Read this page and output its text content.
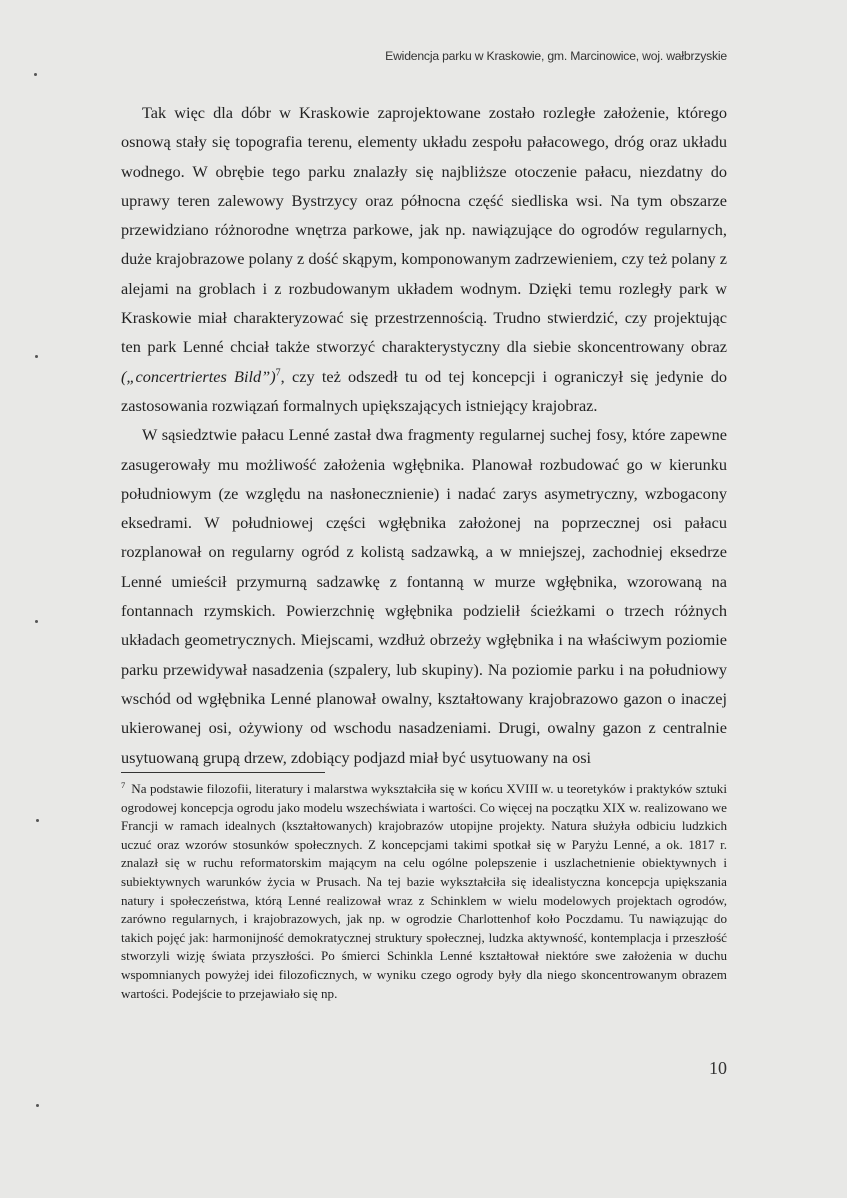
Ewidencja parku w Kraskowie, gm. Marcinowice, woj. wałbrzyskie

Tak więc dla dóbr w Kraskowie zaprojektowane zostało rozległe założenie, którego osnową stały się topografia terenu, elementy układu zespołu pałacowego, dróg oraz układu wodnego. W obrębie tego parku znalazły się najbliższe otoczenie pałacu, niezdatny do uprawy teren zalewowy Bystrzycy oraz północna część siedliska wsi. Na tym obszarze przewidziano różnorodne wnętrza parkowe, jak np. nawiązujące do ogrodów regularnych, duże krajobrazowe polany z dość skąpym, komponowanym zadrzewieniem, czy też polany z alejami na groblach i z rozbudowanym układem wodnym. Dzięki temu rozległy park w Kraskowie miał charakteryzować się przestrzennością. Trudno stwierdzić, czy projektując ten park Lenné chciał także stworzyć charakterystyczny dla siebie skoncentrowany obraz („concertriertes Bild”)$^7$, czy też odszedł tu od tej koncepcji i ograniczył się jedynie do zastosowania rozwiązań formalnych upiększających istniejący krajobraz.

W sąsiedztwie pałacu Lenné zastał dwa fragmenty regularnej suchej fosy, które zapewne zasugerowały mu możliwość założenia wgłębnika. Planował rozbudować go w kierunku południowym (ze względu na nasłonecznienie) i nadać zarys asymetryczny, wzbogacony eksedrami. W południowej części wgłębnika założonej na poprzecznej osi pałacu rozplanował on regularny ogród z kolistą sadzawką, a w mniejszej, zachodniej eksedrze Lenné umieścił przymurną sadzawkę z fontanną w murze wgłębnika, wzorowaną na fontannach rzymskich. Powierzchnię wgłębnika podzielił ścieżkami o trzech różnych układach geometrycznych. Miejscami, wzdłuż obrzeży wgłębnika i na właściwym poziomie parku przewidywał nasadzenia (szpalery, lub skupiny). Na poziomie parku i na południowy wschód od wgłębnika Lenné planował owalny, kształtowany krajobrazowo gazon o inaczej ukierowanej osi, ożywiony od wschodu nasadzeniami. Drugi, owalny gazon z centralnie usytuowaną grupą drzew, zdobiący podjazd miał być usytuowany na osi

$^7$ Na podstawie filozofii, literatury i malarstwa wykształciła się w końcu XVIII w. u teoretyków i praktyków sztuki ogrodowej koncepcja ogrodu jako modelu wszechświata i wartości. Co więcej na początku XIX w. realizowano we Francji w ramach idealnych (kształtowanych) krajobrazów utopijne projekty. Natura służyła odbiciu ludzkich uczuć oraz wzorów stosunków społecznych. Z koncepcjami takimi spotkał się w Paryżu Lenné, a ok. 1817 r. znalazł się w ruchu reformatorskim mającym na celu ogólne polepszenie i uszlachetnienie obiektywnych i subiektywnych warunków życia w Prusach. Na tej bazie wykształciła się idealistyczna koncepcja upiększania natury i społeczeństwa, którą Lenné realizował wraz z Schinklem w wielu modelowych projektach ogrodów, zarówno regularnych, i krajobrazowych, jak np. w ogrodzie Charlottenhof koło Poczdamu. Tu nawiązując do takich pojęć jak: harmonijność demokratycznej struktury społecznej, ludzka aktywność, kontemplacja i przeszłość stworzyli wizję świata przyszłości. Po śmierci Schinkla Lenné kształtował niektóre swe założenia w duchu wspomnianych powyżej idei filozoficznych, w wyniku czego ogrody były dla niego skoncentrowanym obrazem wartości. Podejście to przejawiało się np.

10
